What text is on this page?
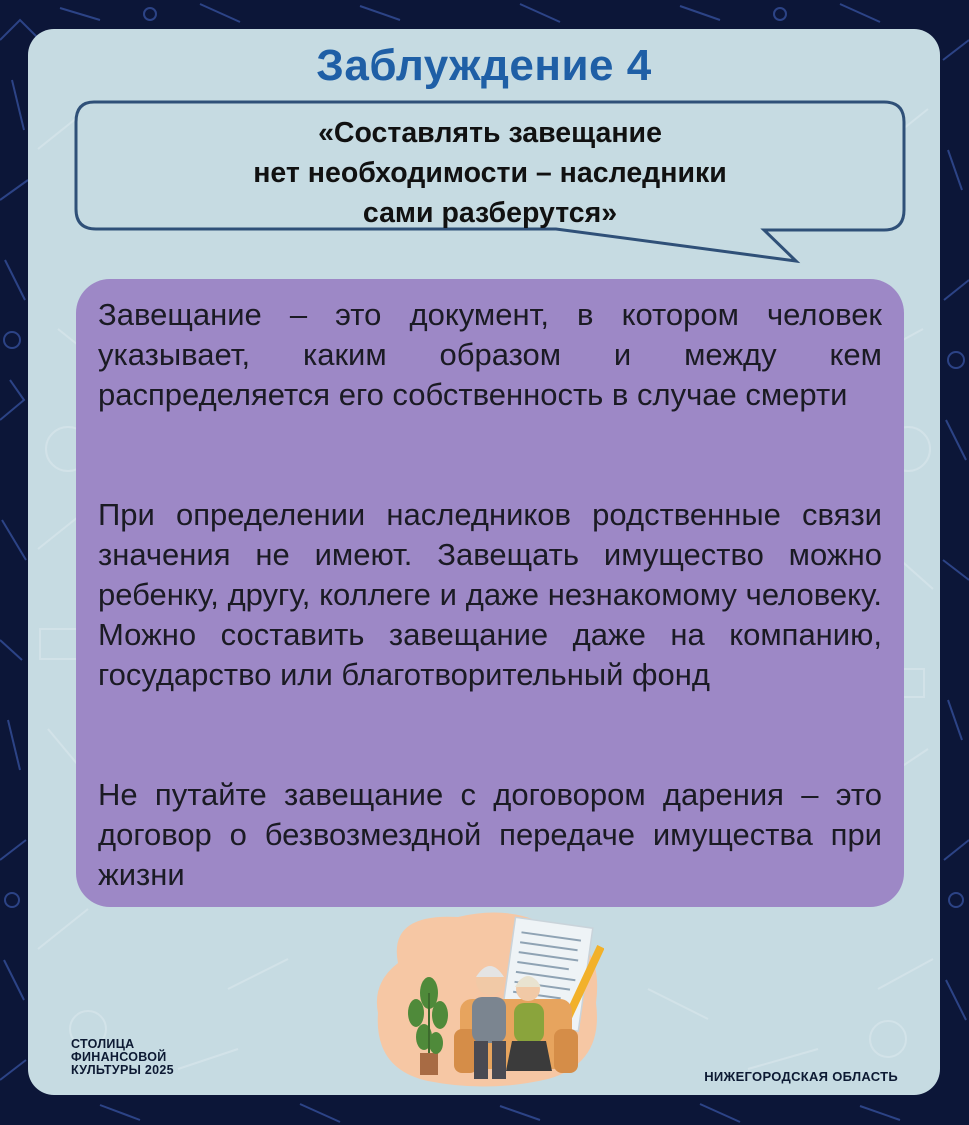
Заблуждение 4
«Составлять завещание
нет необходимости – наследники
сами разберутся»
Завещание – это документ, в котором человек указывает, каким образом и между кем распределяется его собственность в случае смерти
При определении наследников родственные связи значения не имеют. Завещать имущество можно ребенку, другу, коллеге и даже незнакомому человеку. Можно составить завещание даже на компанию, государство или благотворительный фонд
Не путайте завещание с договором дарения – это договор о безвозмездной передаче имущества при жизни
СТОЛИЦА
ФИНАНСОВОЙ
КУЛЬТУРЫ 2025	НИЖЕГОРОДСКАЯ ОБЛАСТЬ
